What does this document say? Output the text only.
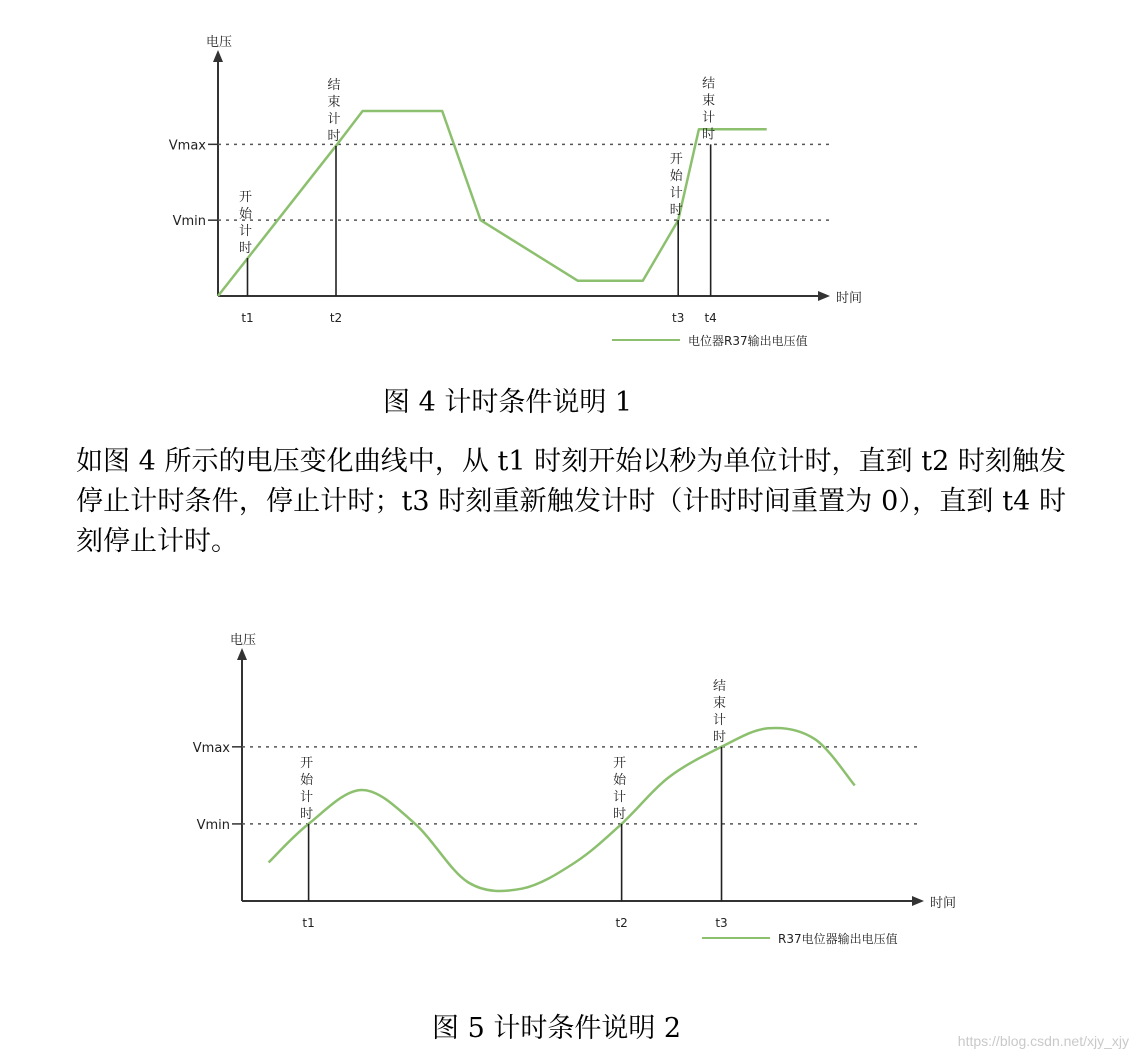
电压
时间
Vmax
Vmin
t1
开
始
计
时
t2
结
束
计
时
t3
开
始
计
时
t4
结
束
计
时
电位器R37输出电压值
图 4 计时条件说明 1
如图 4 所示的电压变化曲线中，从 t1 时刻开始以秒为单位计时，直到 t2 时刻触发停止计时条件，停止计时；t3 时刻重新触发计时（计时时间重置为 0），直到 t4 时刻停止计时。
电压
时间
Vmax
Vmin
t1
开
始
计
时
t2
开
始
计
时
t3
结
束
计
时
R37电位器输出电压值
图 5 计时条件说明 2	https://blog.csdn.net/xjy_xjy
